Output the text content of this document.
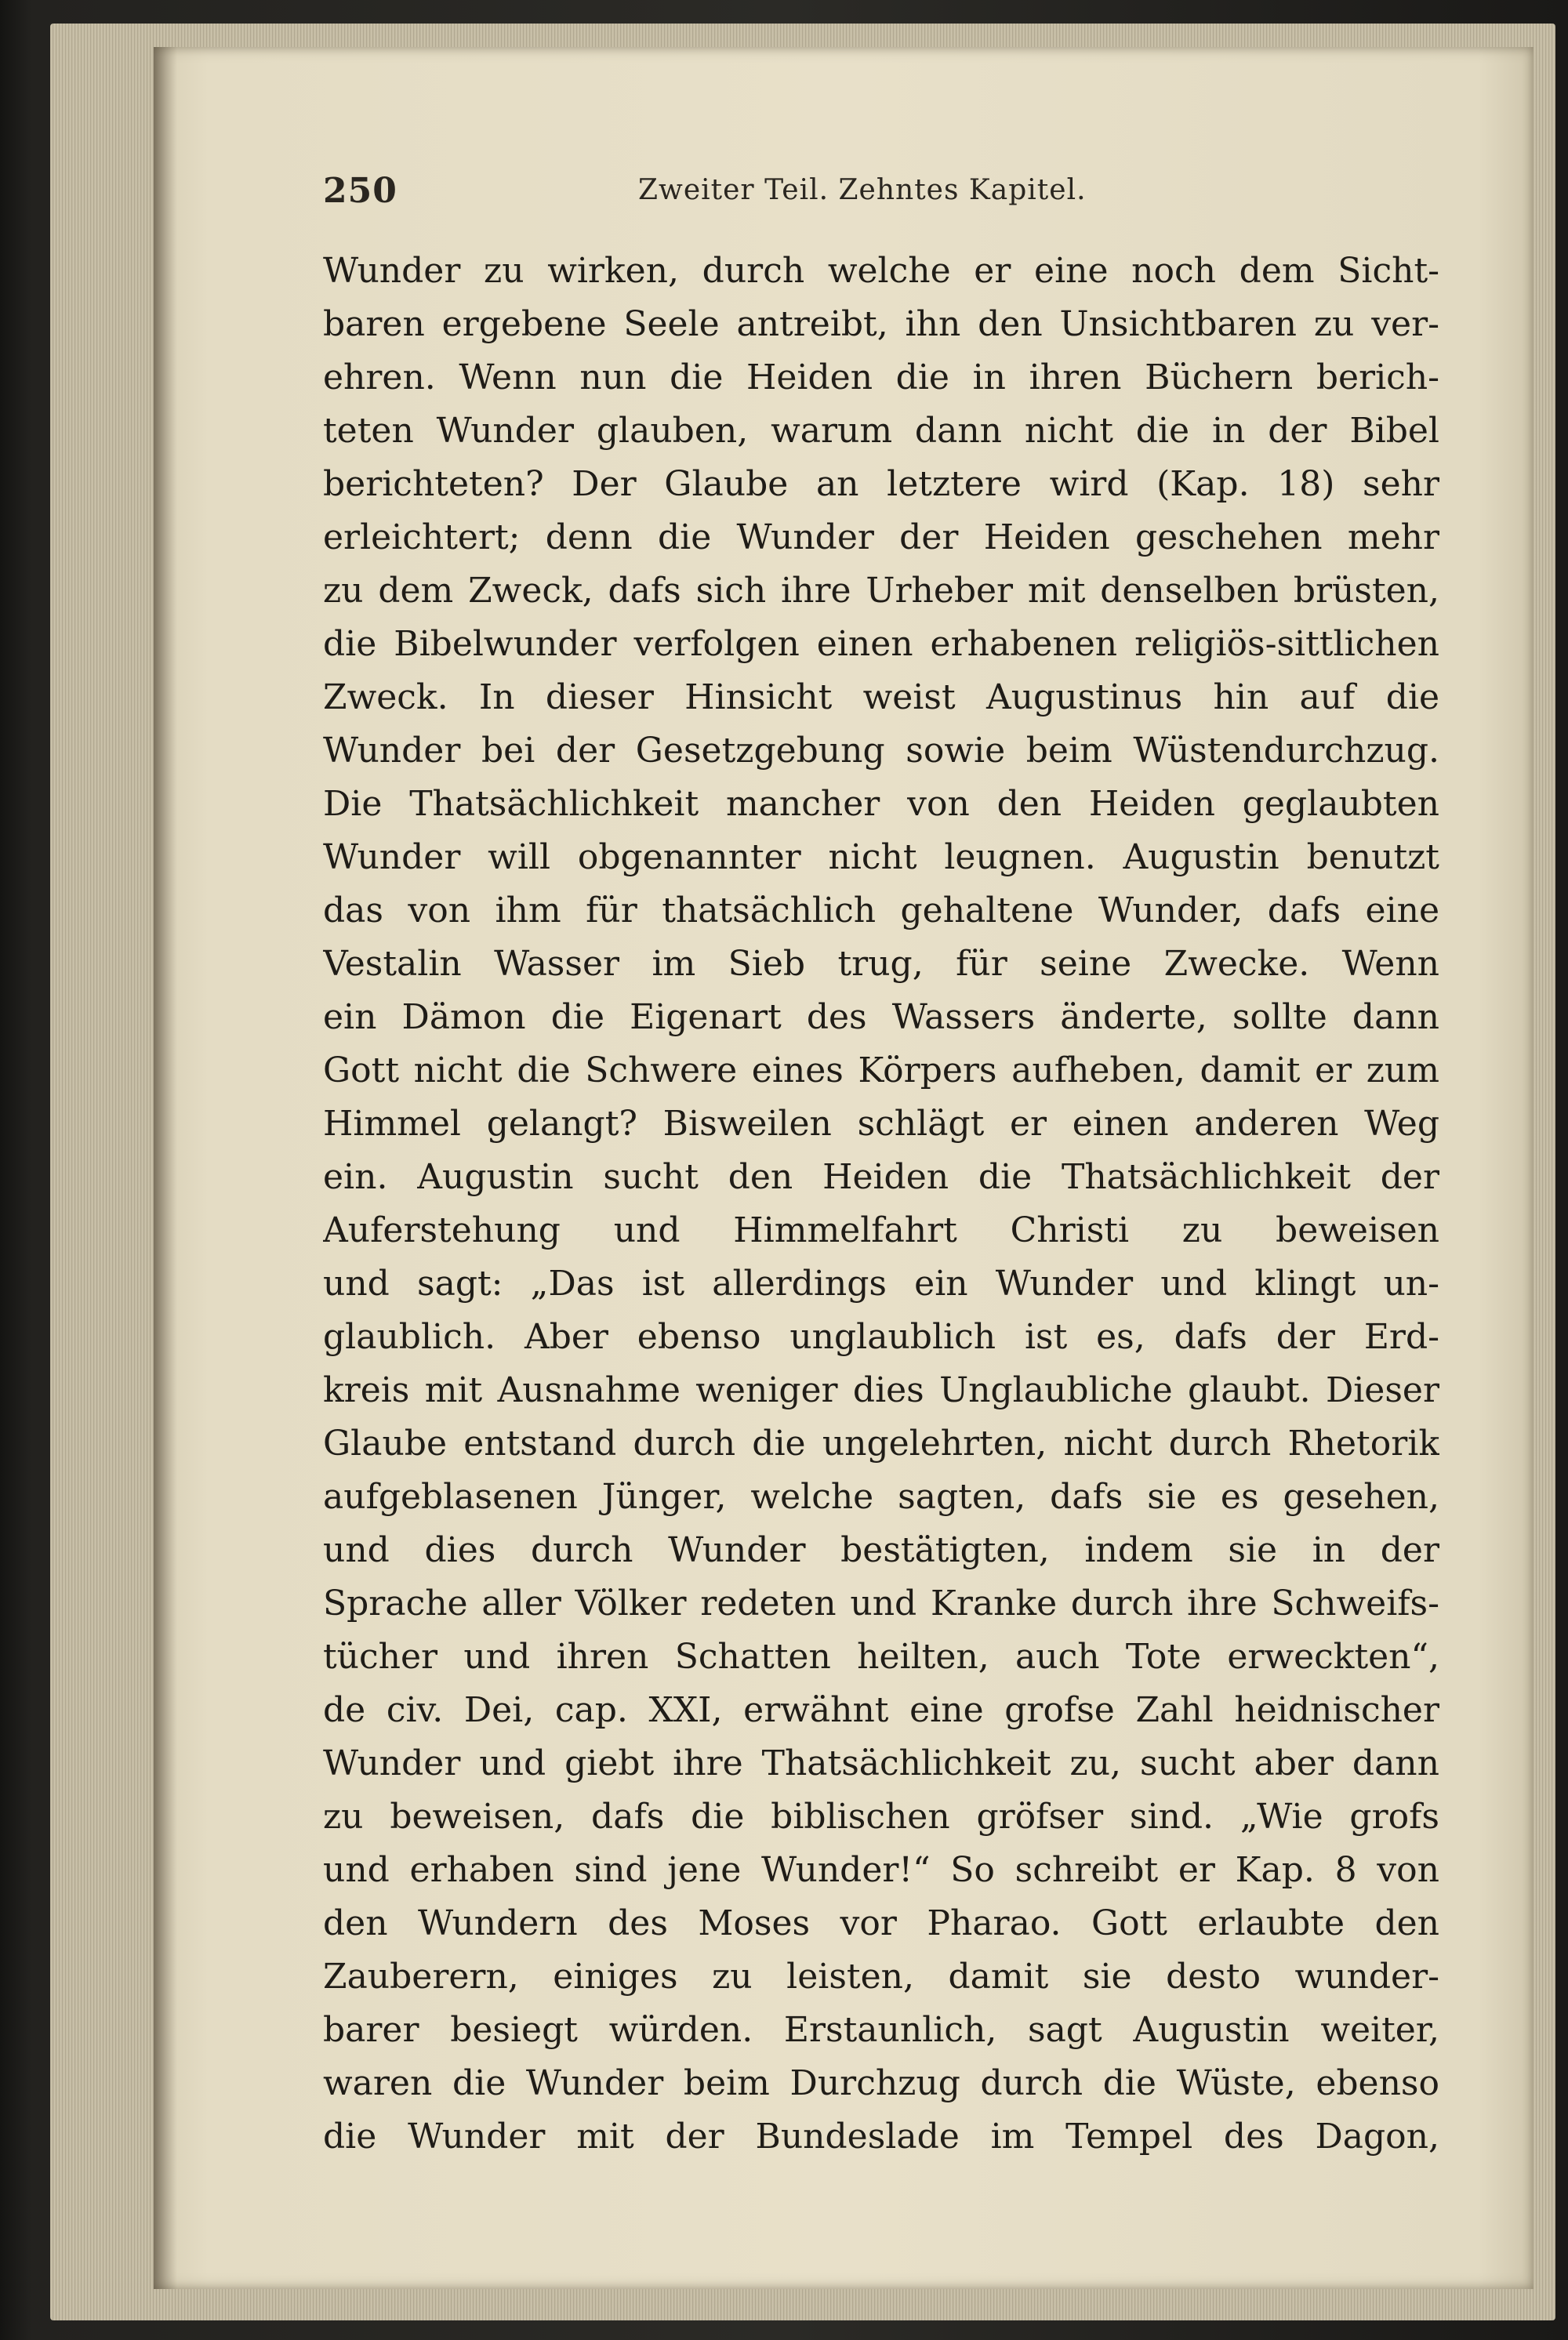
250	Zweiter Teil. Zehntes Kapitel.
Wunder zu wirken, durch welche er eine noch dem Sicht-
baren ergebene Seele antreibt, ihn den Unsichtbaren zu ver-
ehren. Wenn nun die Heiden die in ihren Büchern berich-
teten Wunder glauben, warum dann nicht die in der Bibel
berichteten? Der Glaube an letztere wird (Kap. 18) sehr
erleichtert; denn die Wunder der Heiden geschehen mehr
zu dem Zweck, dafs sich ihre Urheber mit denselben brüsten,
die Bibelwunder verfolgen einen erhabenen religiös-sittlichen
Zweck. In dieser Hinsicht weist Augustinus hin auf die
Wunder bei der Gesetzgebung sowie beim Wüstendurchzug.
Die Thatsächlichkeit mancher von den Heiden geglaubten
Wunder will obgenannter nicht leugnen. Augustin benutzt
das von ihm für thatsächlich gehaltene Wunder, dafs eine
Vestalin Wasser im Sieb trug, für seine Zwecke. Wenn
ein Dämon die Eigenart des Wassers änderte, sollte dann
Gott nicht die Schwere eines Körpers aufheben, damit er zum
Himmel gelangt? Bisweilen schlägt er einen anderen Weg
ein. Augustin sucht den Heiden die Thatsächlichkeit der
Auferstehung und Himmelfahrt Christi zu beweisen
und sagt: „Das ist allerdings ein Wunder und klingt un-
glaublich. Aber ebenso unglaublich ist es, dafs der Erd-
kreis mit Ausnahme weniger dies Unglaubliche glaubt. Dieser
Glaube entstand durch die ungelehrten, nicht durch Rhetorik
aufgeblasenen Jünger, welche sagten, dafs sie es gesehen,
und dies durch Wunder bestätigten, indem sie in der
Sprache aller Völker redeten und Kranke durch ihre Schweifs-
tücher und ihren Schatten heilten, auch Tote erweckten“,
de civ. Dei, cap. XXI, erwähnt eine grofse Zahl heidnischer
Wunder und giebt ihre Thatsächlichkeit zu, sucht aber dann
zu beweisen, dafs die biblischen gröfser sind. „Wie grofs
und erhaben sind jene Wunder!“ So schreibt er Kap. 8 von
den Wundern des Moses vor Pharao. Gott erlaubte den
Zauberern, einiges zu leisten, damit sie desto wunder-
barer besiegt würden. Erstaunlich, sagt Augustin weiter,
waren die Wunder beim Durchzug durch die Wüste, ebenso
die Wunder mit der Bundeslade im Tempel des Dagon,
